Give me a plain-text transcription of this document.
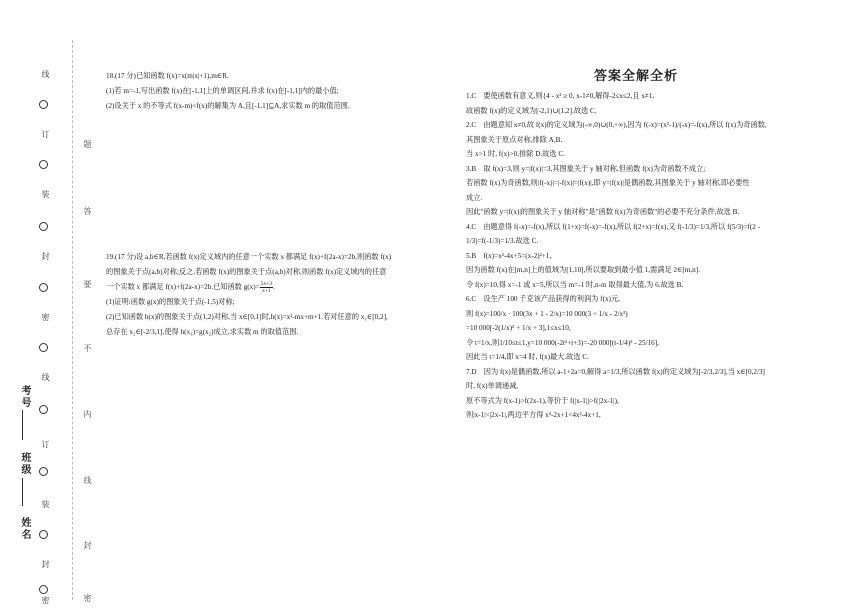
线
订
装
封
密
线
订
装
封
密
题
答
要
不
内
线
封
密
考号
班级
姓名

18.(17 分)已知函数 f(x)=x(m|x|+1),m∈R.

(1)若 m=-1,写出函数 f(x)在[-1,1]上的单调区间,并求 f(x)在[-1,1]内的最小值;

(2)设关于 x 的不等式 f(x-m)<f(x)的解集为 A,且[-1,1]⊆A,求实数 m 的取值范围.

19.(17 分)设 a,b∈R,若函数 f(x)定义域内的任意一个实数 x 都满足 f(x)+f(2a-x)=2b,则函数 f(x)

的图象关于点(a,b)对称;反之,若函数 f(x)的图象关于点(a,b)对称,则函数 f(x)定义域内的任意

一个实数 x 都满足 f(x)+f(2a-x)=2b.已知函数 $g(x)= \frac{5x+3}{x+1}$ .

(1)证明:函数 g(x)的图象关于点(-1,5)对称;

(2)已知函数 h(x)的图象关于点(1,2)对称,当 x∈[0,1]时,h(x)=x²-mx+m+1.若对任意的 x₁∈[0,2],

总存在 x₂∈[-2/3,1],使得 h(x₁)=g(x₂)成立,求实数 m 的取值范围.

答案全解全析

1.C　要使函数有意义,则{4 - x² ≥ 0, x-1≠0,解得-2≤x≤2,且 x≠1,

故函数 f(x)的定义域为[-2,1)∪(1,2].故选 C.

2.C　由题意知 x≠0,故 f(x)的定义域为(-∞,0)∪(0,+∞),因为 f(-x)=(x²-1)/(-x)=-f(x),所以 f(x)为奇函数,

其图象关于原点对称,排除 A,B.

当 x>1 时, f(x)>0,排除 D.故选 C.

3.B　取 f(x)=3,则 y=|f(x)|=3,其图象关于 y 轴对称,但函数 f(x)为奇函数不成立;

若函数 f(x)为奇函数,则|f(-x)|=|-f(x)|=|f(x)|,即 y=|f(x)|是偶函数,其图象关于 y 轴对称,即必要性

成立.

因此"函数 y=|f(x)|的图象关于 y 轴对称"是"函数 f(x)为奇函数"的必要不充分条件,故选 B.

4.C　由题意得 f(-x)=-f(x),所以 f(1+x)=f(-x)=-f(x),所以 f(2+x)=f(x),又 f(-1/3)=1/3,所以 f(5/3)=f(2 -

1/3)=f(-1/3)=1/3.故选 C.

5.B　f(x)=x²-4x+5=(x-2)²+1,

因为函数 f(x)在[m,n]上的值域为[1,10],所以要取到最小值 1,需满足 2∈[m,n].

令 f(x)=10,得 x=-1 或 x=5,所以当 m=-1 时,n-m 取得最大值,为 6.故选 B.

6.C　设生产 100 千克该产品获得的利润为 f(x)元,

则 f(x)=100/x · 100(3x + 1 - 2/x)=10 000(3 + 1/x - 2/x²)

=10 000[-2(1/x)² + 1/x + 3],1≤x≤10,

令 t=1/x,则1/10≤t≤1,y=10 000(-2t²+t+3)=-20 000[(t-1/4)² - 25/16],

因此当 t=1/4,即 x=4 时, f(x)最大.故选 C.

7.D　因为 f(x)是偶函数,所以 a-1+2a=0,解得 a=1/3,所以函数 f(x)的定义域为[-2/3,2/3],当 x∈[0,2/3]

时, f(x)单调递减,

原不等式为 f(x-1)>f(2x-1),等价于 f(|x-1|)>f(|2x-1|),

则|x-1|<|2x-1|,两边平方得 x²-2x+1<4x²-4x+1,
